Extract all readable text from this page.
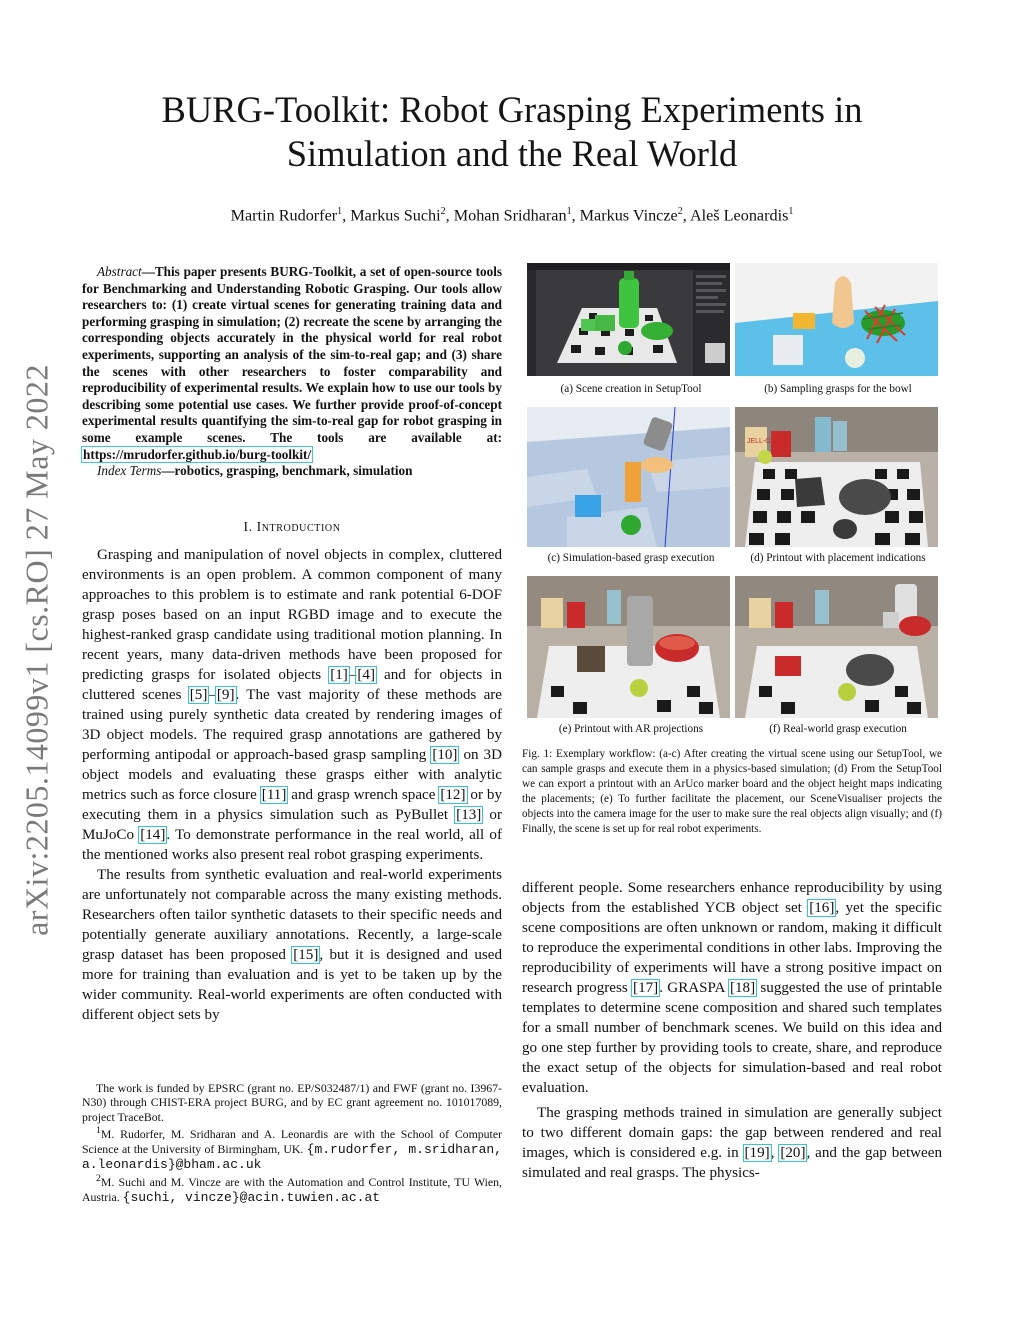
arXiv:2205.14099v1 [cs.RO] 27 May 2022
BURG-Toolkit: Robot Grasping Experiments in
Simulation and the Real World
Martin Rudorfer$^1$, Markus Suchi$^2$, Mohan Sridharan$^1$, Markus Vincze$^2$, Aleš Leonardis$^1$
Abstract—This paper presents BURG-Toolkit, a set of open-source tools for Benchmarking and Understanding Robotic Grasping. Our tools allow researchers to: (1) create virtual scenes for generating training data and performing grasping in simulation; (2) recreate the scene by arranging the corresponding objects accurately in the physical world for real robot experiments, supporting an analysis of the sim-to-real gap; and (3) share the scenes with other researchers to foster comparability and reproducibility of experimental results. We explain how to use our tools by describing some potential use cases. We further provide proof-of-concept experimental results quantifying the sim-to-real gap for robot grasping in some example scenes. The tools are available at: https://mrudorfer.github.io/burg-toolkit/
Index Terms—robotics, grasping, benchmark, simulation
I. Introduction

Grasping and manipulation of novel objects in complex, cluttered environments is an open problem. A common component of many approaches to this problem is to estimate and rank potential 6-DOF grasp poses based on an input RGBD image and to execute the highest-ranked grasp candidate using traditional motion planning. In recent years, many data-driven methods have been proposed for predicting grasps for isolated objects [1]–[4] and for objects in cluttered scenes [5]–[9]. The vast majority of these methods are trained using purely synthetic data created by rendering images of 3D object models. The required grasp annotations are gathered by performing antipodal or approach-based grasp sampling [10] on 3D object models and evaluating these grasps either with analytic metrics such as force closure [11] and grasp wrench space [12] or by executing them in a physics simulation such as PyBullet [13] or MuJoCo [14]. To demonstrate performance in the real world, all of the mentioned works also present real robot grasping experiments.

The results from synthetic evaluation and real-world experiments are unfortunately not comparable across the many existing methods. Researchers often tailor synthetic datasets to their specific needs and potentially generate auxiliary annotations. Recently, a large-scale grasp dataset has been proposed [15], but it is designed and used more for training than evaluation and is yet to be taken up by the wider community. Real-world experiments are often conducted with different object sets by

The work is funded by EPSRC (grant no. EP/S032487/1) and FWF (grant no. I3967-N30) through CHIST-ERA project BURG, and by EC grant agreement no. 101017089, project TraceBot.

$^1$M. Rudorfer, M. Sridharan and A. Leonardis are with the School of Computer Science at the University of Birmingham, UK. {m.rudorfer, m.sridharan, a.leonardis}@bham.ac.uk

$^2$M. Suchi and M. Vincze are with the Automation and Control Institute, TU Wien, Austria. {suchi, vincze}@acin.tuwien.ac.at

(a) Scene creation in SetupTool	(b) Sampling grasps for the bowl
(c) Simulation-based grasp execution
JELL-O
(d) Printout with placement indications
(e) Printout with AR projections	(f) Real-world grasp execution
Fig. 1: Exemplary workflow: (a-c) After creating the virtual scene using our SetupTool, we can sample grasps and execute them in a physics-based simulation; (d) From the SetupTool we can export a printout with an ArUco marker board and the object height maps indicating the placements; (e) To further facilitate the placement, our SceneVisualiser projects the objects into the camera image for the user to make sure the real objects align visually; and (f) Finally, the scene is set up for real robot experiments.

different people. Some researchers enhance reproducibility by using objects from the established YCB object set [16], yet the specific scene compositions are often unknown or random, making it difficult to reproduce the experimental conditions in other labs. Improving the reproducibility of experiments will have a strong positive impact on research progress [17]. GRASPA [18] suggested the use of printable templates to determine scene composition and shared such templates for a small number of benchmark scenes. We build on this idea and go one step further by providing tools to create, share, and reproduce the exact setup of the objects for simulation-based and real robot evaluation.

The grasping methods trained in simulation are generally subject to two different domain gaps: the gap between rendered and real images, which is considered e.g. in [19], [20], and the gap between simulated and real grasps. The physics-
